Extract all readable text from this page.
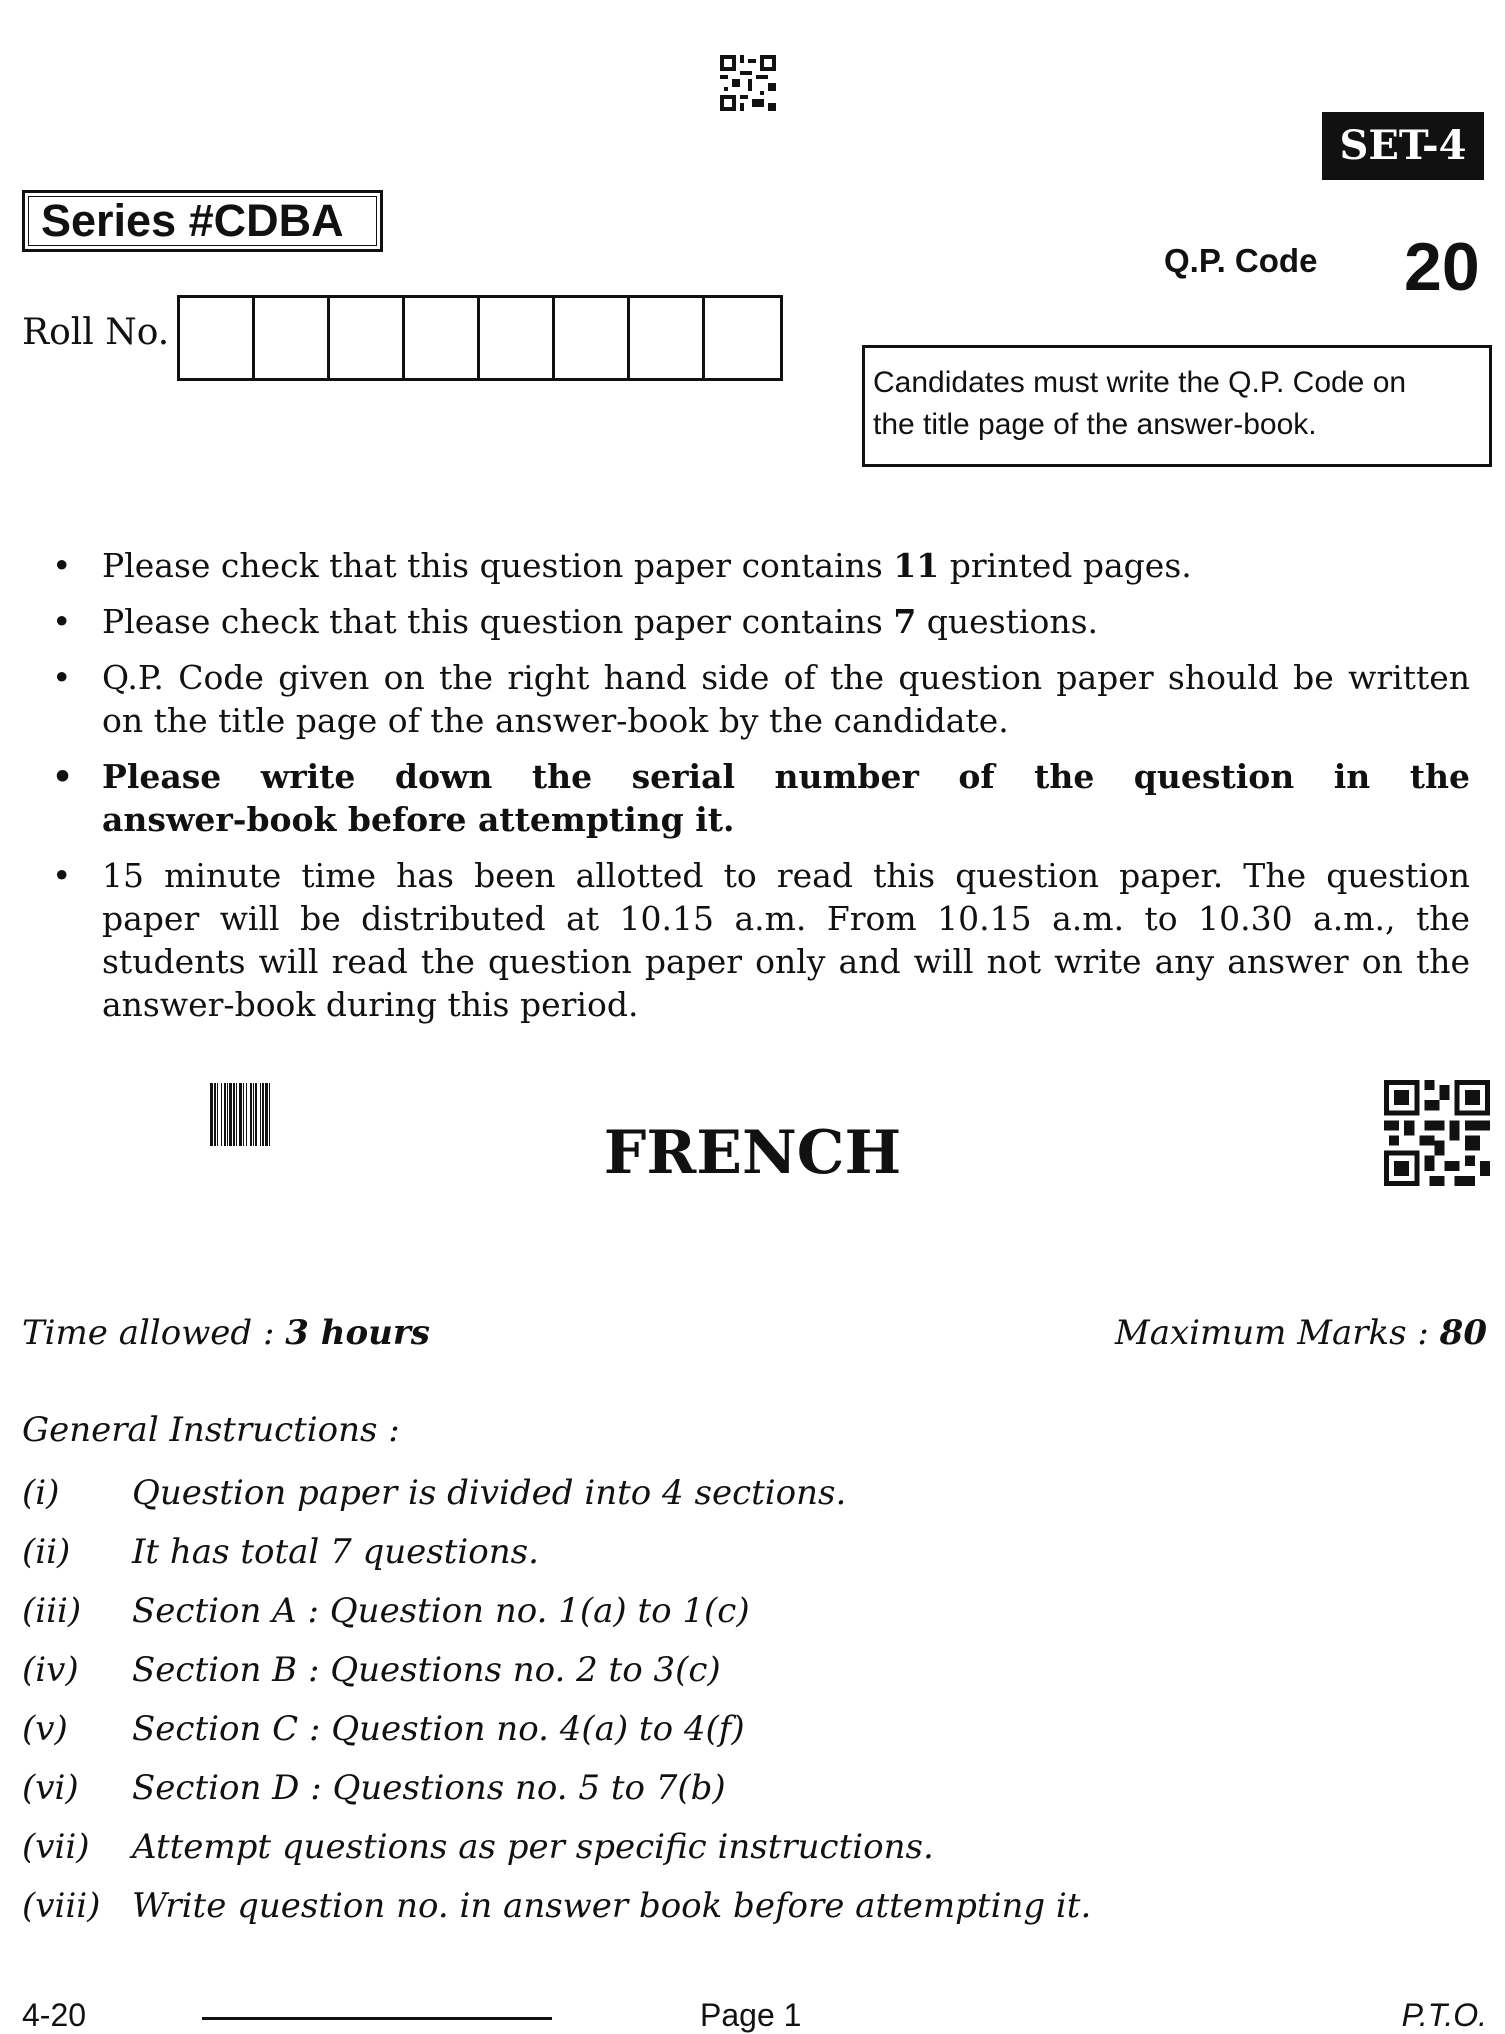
SET-4
Series #CDBA
Q.P. Code 20
Roll No.
Candidates must write the Q.P. Code on
the title page of the answer-book.
• Please check that this question paper contains 11 printed pages.
• Please check that this question paper contains 7 questions.
• Q.P. Code given on the right hand side of the question paper should be written
on the title page of the answer-book by the candidate.
• Please write down the serial number of the question in the
answer-book before attempting it.
• 15 minute time has been allotted to read this question paper. The question
paper will be distributed at 10.15 a.m. From 10.15 a.m. to 10.30 a.m., the
students will read the question paper only and will not write any answer on the
answer-book during this period.
FRENCH
Time allowed : 3 hours	Maximum Marks : 80
General Instructions :
(i)	Question paper is divided into 4 sections.
(ii)	It has total 7 questions.
(iii)	Section A : Question no. 1(a) to 1(c)
(iv)	Section B : Questions no. 2 to 3(c)
(v)	Section C : Question no. 4(a) to 4(f)
(vi)	Section D : Questions no. 5 to 7(b)
(vii)	Attempt questions as per specific instructions.
(viii) Write question no. in answer book before attempting it.
4-20	Page 1	P.T.O.
